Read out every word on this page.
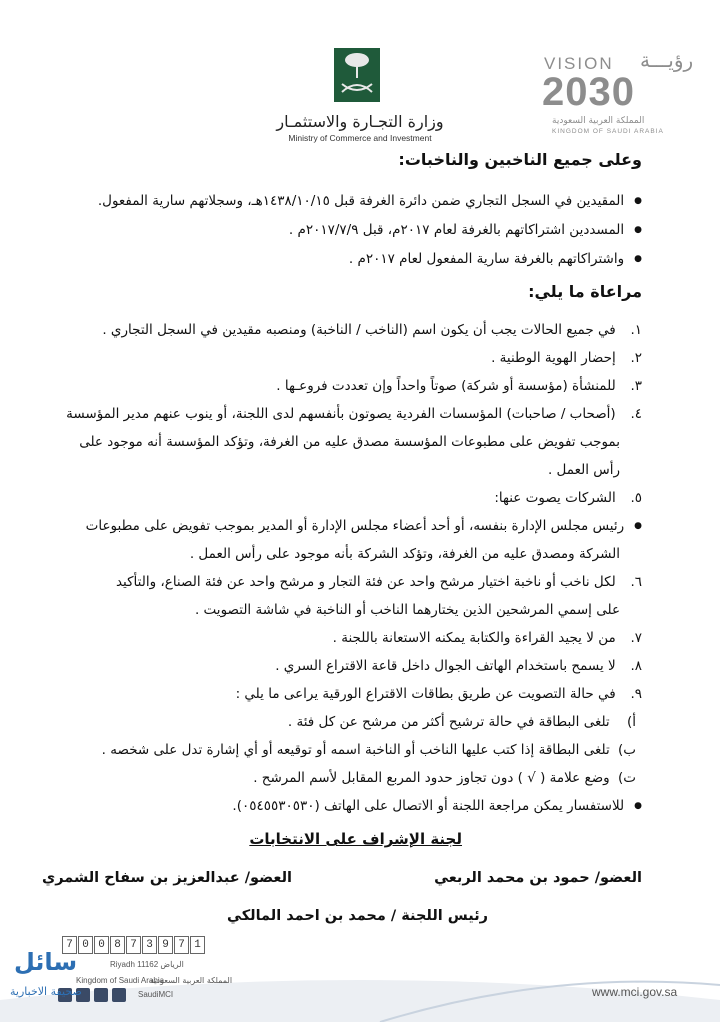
وزارة التجـارة والاستثمـار
Ministry of Commerce and Investment
VISION رؤيـــة
2030
المملكة العربية السعودية
KINGDOM OF SAUDI ARABIA
وعلى جميع الناخبين والناخبات:
● المقيدين في السجل التجاري ضمن دائرة الغرفة قبل ١٤٣٨/١٠/١٥هـ، وسجلاتهم سارية المفعول.
● المسددين اشتراكاتهم بالغرفة لعام ٢٠١٧م، قبل ٢٠١٧/٧/٩م .
● واشتراكاتهم بالغرفة سارية المفعول لعام ٢٠١٧م .
مراعاة ما يلي:
١. في جميع الحالات يجب أن يكون اسم (الناخب / الناخبة) ومنصبه مقيدين في السجل التجاري .
٢. إحضار الهوية الوطنية .
٣. للمنشأة (مؤسسة أو شركة) صوتاً واحداً وإن تعددت فروعـها .
٤. (أصحاب / صاحبات) المؤسسات الفردية يصوتون بأنفسهم لدى اللجنة، أو ينوب عنهم مدير المؤسسة
بموجب تفويض على مطبوعات المؤسسة مصدق عليه من الغرفة، وتؤكد المؤسسة أنه موجود على
رأس العمل .
٥. الشركات يصوت عنها:
● رئيس مجلس الإدارة بنفسه، أو أحد أعضاء مجلس الإدارة أو المدير بموجب تفويض على مطبوعات
الشركة ومصدق عليه من الغرفة، وتؤكد الشركة بأنه موجود على رأس العمل .
٦. لكل ناخب أو ناخبة اختيار مرشح واحد عن فئة التجار و مرشح واحد عن فئة الصناع، والتأكيد
على إسمي المرشحين الذين يختارهما الناخب أو الناخبة في شاشة التصويت .
٧. من لا يجيد القراءة والكتابة يمكنه الاستعانة باللجنة .
٨. لا يسمح باستخدام الهاتف الجوال داخل قاعة الاقتراع السري .
٩. في حالة التصويت عن طريق بطاقات الاقتراع الورقية يراعى ما يلي :
أ) تلغى البطاقة في حالة ترشيح أكثر من مرشح عن كل فئة .
ب) تلغى البطاقة إذا كتب عليها الناخب أو الناخبة اسمه أو توقيعه أو أي إشارة تدل على شخصه .
ت) وضع علامة ( √ ) دون تجاوز حدود المربع المقابل لأسم المرشح .
● للاستفسار يمكن مراجعة اللجنة أو الاتصال على الهاتف (٠٥٤٥٥٣٠٥٣٠).
لجنة الإشراف على الانتخابات
العضو/ حمود بن محمد الربعي
العضو/ عبدالعزيز بن سفاح الشمري
رئيس اللجنة / محمد بن احمد المالكي
7 0 0 8 7 3 9 7 1
Riyadh 11162 الرياض
Kingdom of Saudi Arabia
المملكة العربية السعودية
SaudiMCI	www.mci.gov.sa
سائل
صحيفة الاخبارية
